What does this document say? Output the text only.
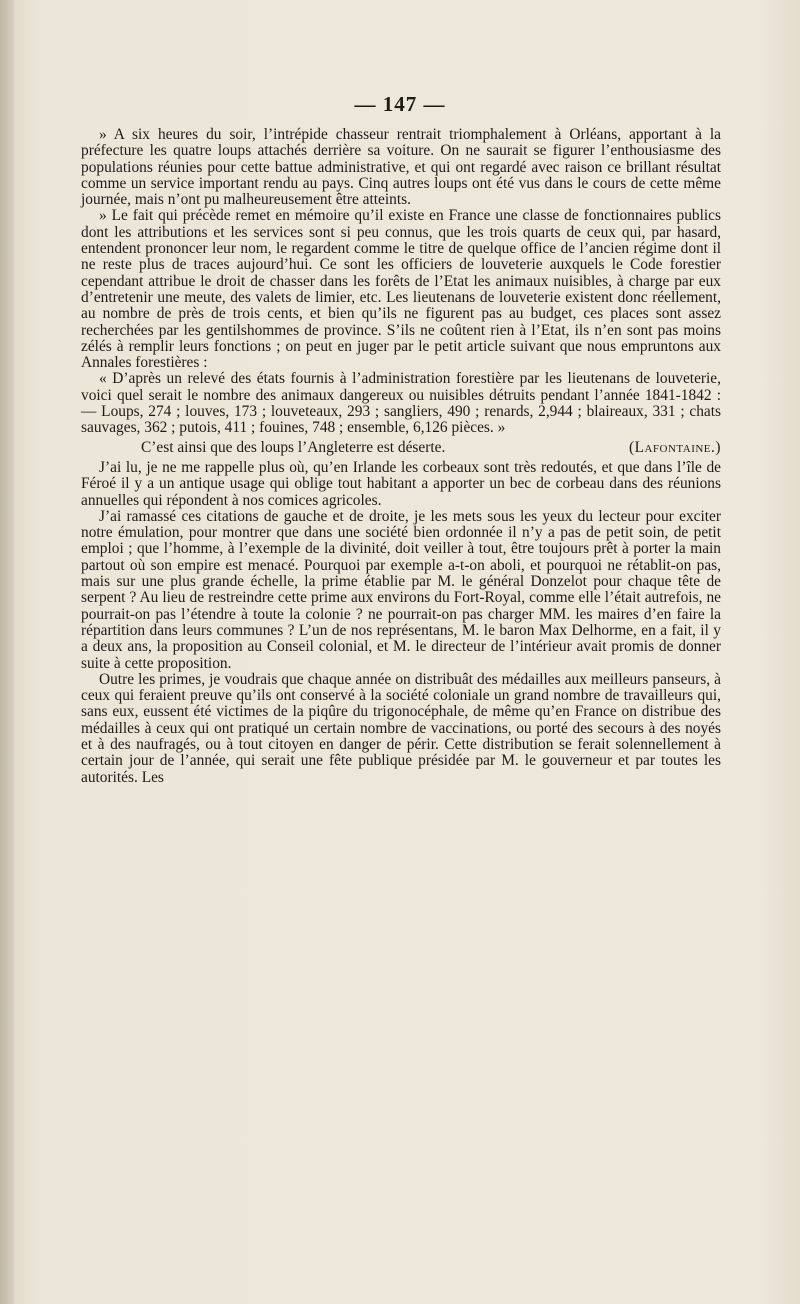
— 147 —

» A six heures du soir, l’intrépide chasseur rentrait triomphalement à Orléans, apportant à la préfecture les quatre loups attachés derrière sa voiture. On ne saurait se figurer l’enthousiasme des populations réunies pour cette battue administrative, et qui ont regardé avec raison ce brillant résultat comme un service important rendu au pays. Cinq autres loups ont été vus dans le cours de cette même journée, mais n’ont pu malheureusement être atteints.

» Le fait qui précède remet en mémoire qu’il existe en France une classe de fonctionnaires publics dont les attributions et les services sont si peu connus, que les trois quarts de ceux qui, par hasard, entendent prononcer leur nom, le regardent comme le titre de quelque office de l’ancien régime dont il ne reste plus de traces aujourd’hui. Ce sont les officiers de louveterie auxquels le Code forestier cependant attribue le droit de chasser dans les forêts de l’Etat les animaux nuisibles, à charge par eux d’entretenir une meute, des valets de limier, etc. Les lieutenans de louveterie existent donc réellement, au nombre de près de trois cents, et bien qu’ils ne figurent pas au budget, ces places sont assez recherchées par les gentilshommes de province. S’ils ne coûtent rien à l’Etat, ils n’en sont pas moins zélés à remplir leurs fonctions ; on peut en juger par le petit article suivant que nous empruntons aux Annales forestières :

« D’après un relevé des états fournis à l’administration forestière par les lieutenans de louveterie, voici quel serait le nombre des animaux dangereux ou nuisibles détruits pendant l’année 1841-1842 : — Loups, 274 ; louves, 173 ; louveteaux, 293 ; sangliers, 490 ; renards, 2,944 ; blaireaux, 331 ; chats sauvages, 362 ; putois, 411 ; fouines, 748 ; ensemble, 6,126 pièces. »

C’est ainsi que des loups l’Angleterre est déserte.	(Lafontaine.)

J’ai lu, je ne me rappelle plus où, qu’en Irlande les corbeaux sont très redoutés, et que dans l’île de Féroé il y a un antique usage qui oblige tout habitant a apporter un bec de corbeau dans des réunions annuelles qui répondent à nos comices agricoles.

J’ai ramassé ces citations de gauche et de droite, je les mets sous les yeux du lecteur pour exciter notre émulation, pour montrer que dans une société bien ordonnée il n’y a pas de petit soin, de petit emploi ; que l’homme, à l’exemple de la divinité, doit veiller à tout, être toujours prêt à porter la main partout où son empire est menacé. Pourquoi par exemple a-t-on aboli, et pourquoi ne rétablit-on pas, mais sur une plus grande échelle, la prime établie par M. le général Donzelot pour chaque tête de serpent ? Au lieu de restreindre cette prime aux environs du Fort-Royal, comme elle l’était autrefois, ne pourrait-on pas l’étendre à toute la colonie ? ne pourrait-on pas charger MM. les maires d’en faire la répartition dans leurs communes ? L’un de nos représentans, M. le baron Max Delhorme, en a fait, il y a deux ans, la proposition au Conseil colonial, et M. le directeur de l’intérieur avait promis de donner suite à cette proposition.

Outre les primes, je voudrais que chaque année on distribuât des médailles aux meilleurs panseurs, à ceux qui feraient preuve qu’ils ont conservé à la société coloniale un grand nombre de travailleurs qui, sans eux, eussent été victimes de la piqûre du trigonocéphale, de même qu’en France on distribue des médailles à ceux qui ont pratiqué un certain nombre de vaccinations, ou porté des secours à des noyés et à des naufragés, ou à tout citoyen en danger de périr. Cette distribution se ferait solennellement à certain jour de l’année, qui serait une fête publique présidée par M. le gouverneur et par toutes les autorités. Les
